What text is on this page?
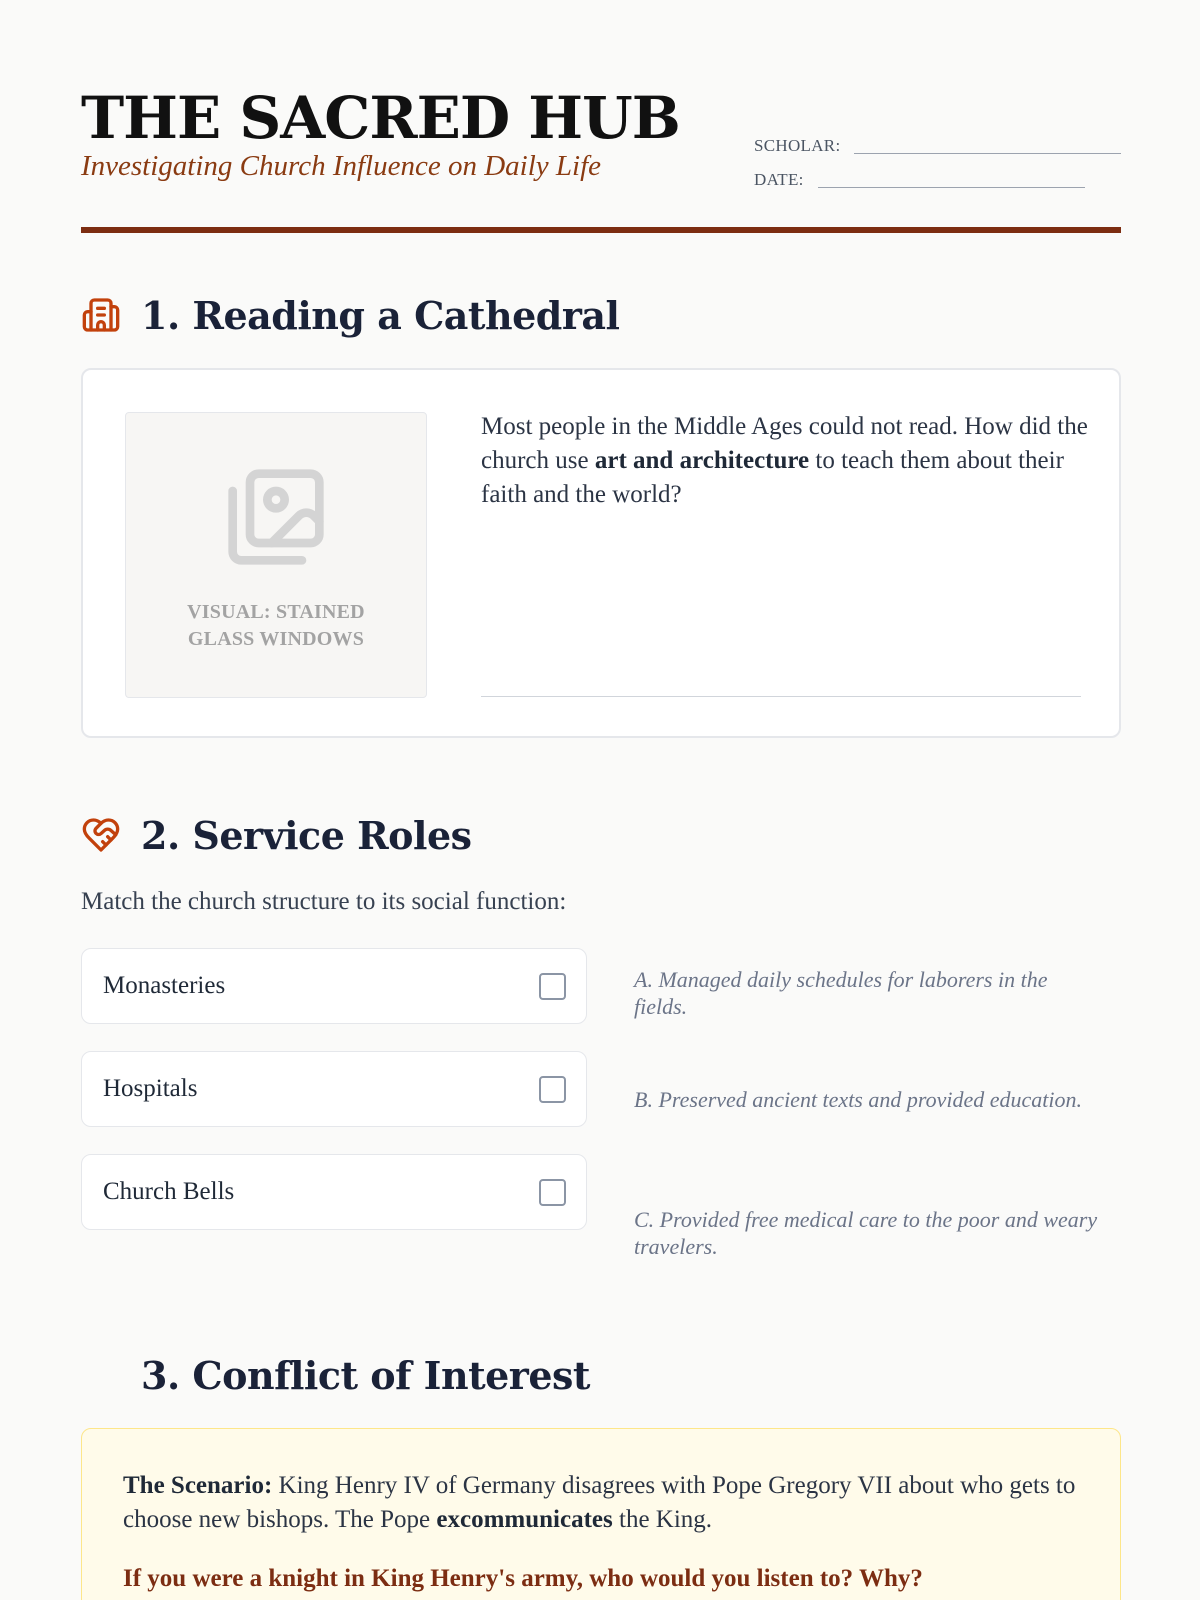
THE SACRED HUB
Investigating Church Influence on Daily Life
SCHOLAR:
DATE:
1. Reading a Cathedral
VISUAL: STAINED GLASS WINDOWS
Most people in the Middle Ages could not read. How did the church use art and architecture to teach them about their faith and the world?
2. Service Roles
Match the church structure to its social function:
Monasteries
Hospitals
Church Bells
A. Managed daily schedules for laborers in the fields.
B. Preserved ancient texts and provided education.
C. Provided free medical care to the poor and weary travelers.
3. Conflict of Interest
The Scenario: King Henry IV of Germany disagrees with Pope Gregory VII about who gets to choose new bishops. The Pope excommunicates the King.
If you were a knight in King Henry's army, who would you listen to? Why?
